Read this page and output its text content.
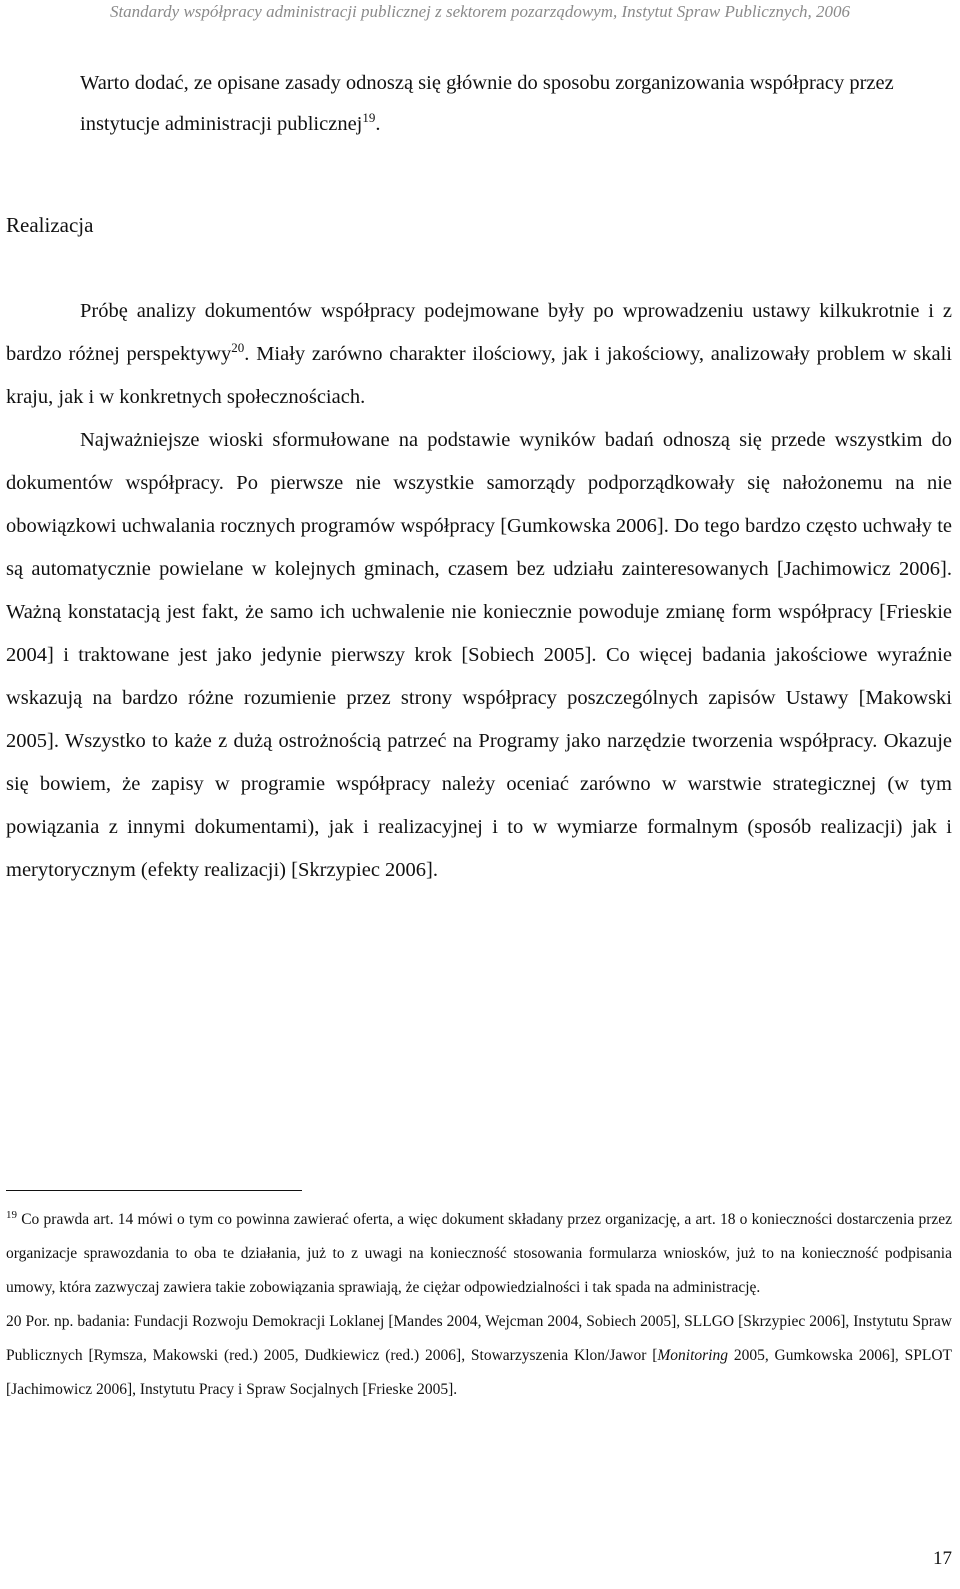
Standardy współpracy administracji publicznej z sektorem pozarządowym, Instytut Spraw Publicznych, 2006

Warto dodać, ze opisane zasady odnoszą się głównie do sposobu zorganizowania współpracy przez instytucje administracji publicznej$^{19}$.

Realizacja

Próbę analizy dokumentów współpracy podejmowane były po wprowadzeniu ustawy kilkukrotnie i z bardzo różnej perspektywy$^{20}$. Miały zarówno charakter ilościowy, jak i jakościowy, analizowały problem w skali kraju, jak i w konkretnych społecznościach.

Najważniejsze wioski sformułowane na podstawie wyników badań odnoszą się przede wszystkim do dokumentów współpracy. Po pierwsze nie wszystkie samorządy podporządkowały się nałożonemu na nie obowiązkowi uchwalania rocznych programów współpracy [Gumkowska 2006]. Do tego bardzo często uchwały te są automatycznie powielane w kolejnych gminach, czasem bez udziału zainteresowanych [Jachimowicz 2006]. Ważną konstatacją jest fakt, że samo ich uchwalenie nie koniecznie powoduje zmianę form współpracy [Frieskie 2004] i traktowane jest jako jedynie pierwszy krok [Sobiech 2005]. Co więcej badania jakościowe wyraźnie wskazują na bardzo różne rozumienie przez strony współpracy poszczególnych zapisów Ustawy [Makowski 2005]. Wszystko to każe z dużą ostrożnością patrzeć na Programy jako narzędzie tworzenia współpracy. Okazuje się bowiem, że zapisy w programie współpracy należy oceniać zarówno w warstwie strategicznej (w tym powiązania z innymi dokumentami), jak i realizacyjnej i to w wymiarze formalnym (sposób realizacji) jak i merytorycznym (efekty realizacji) [Skrzypiec 2006].

$^{19}$ Co prawda art. 14 mówi o tym co powinna zawierać oferta, a więc dokument składany przez organizację, a art. 18 o konieczności dostarczenia przez organizacje sprawozdania to oba te działania, już to z uwagi na konieczność stosowania formularza wniosków, już to na konieczność podpisania umowy, która zazwyczaj zawiera takie zobowiązania sprawiają, że ciężar odpowiedzialności i tak spada na administrację.

20 Por. np. badania: Fundacji Rozwoju Demokracji Loklanej [Mandes 2004, Wejcman 2004, Sobiech 2005], SLLGO [Skrzypiec 2006], Instytutu Spraw Publicznych [Rymsza, Makowski (red.) 2005, Dudkiewicz (red.) 2006], Stowarzyszenia Klon/Jawor [Monitoring 2005, Gumkowska 2006], SPLOT [Jachimowicz 2006], Instytutu Pracy i Spraw Socjalnych [Frieske 2005].

17
